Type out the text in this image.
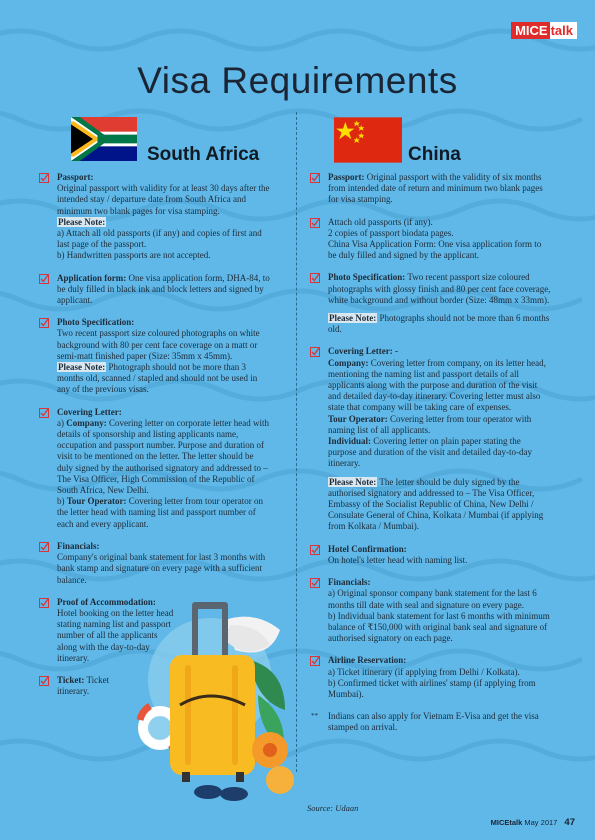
MICE talk
Visa Requirements
South Africa	China
Passport:
Original passport with validity for at least 30 days after the intended stay / departure date from South Africa and minimum two blank pages for visa stamping.
Please Note:
a) Attach all old passports (if any) and copies of first and last page of the passport.
b) Handwritten passports are not accepted.
Application form: One visa application form, DHA-84, to be duly filled in black ink and block letters and signed by applicant.
Photo Specification:
Two recent passport size coloured photographs on white background with 80 per cent face coverage on a matt or semi-matt finished paper (Size: 35mm x 45mm).
Please Note: Photograph should not be more than 3 months old, scanned / stapled and should not be used in any of the previous visas.
Covering Letter:
a) Company: Covering letter on corporate letter head with details of sponsorship and listing applicants name, occupation and passport number. Purpose and duration of visit to be mentioned on the letter. The letter should be duly signed by the authorised signatory and addressed to – The Visa Officer, High Commission of the Republic of South Africa, New Delhi.
b) Tour Operator: Covering letter from tour operator on the letter head with naming list and passport number of each and every applicant.
Financials:
Company's original bank statement for last 3 months with bank stamp and signature on every page with a sufficient balance.
Proof of Accommodation:
Hotel booking on the letter head stating naming list and passport number of all the applicants along with the day-to-day itinerary.
Ticket: Ticket itinerary.
Passport: Original passport with the validity of six months from intended date of return and minimum two blank pages for visa stamping.
Attach old passports (if any).
2 copies of passport biodata pages.
China Visa Application Form: One visa application form to be duly filled and signed by the applicant.
Photo Specification: Two recent passport size coloured photographs with glossy finish and 80 per cent face coverage, white background and without border (Size: 48mm x 33mm).
Please Note: Photographs should not be more than 6 months old.
Covering Letter: -
Company: Covering letter from company, on its letter head, mentioning the naming list and passport details of all applicants along with the purpose and duration of the visit and detailed day-to-day itinerary. Covering letter must also state that company will be taking care of expenses.
Tour Operator: Covering letter from tour operator with naming list of all applicants.
Individual: Covering letter on plain paper stating the purpose and duration of the visit and detailed day-to-day itinerary.
Please Note: The letter should be duly signed by the authorised signatory and addressed to – The Visa Officer, Embassy of the Socialist Republic of China, New Delhi / Consulate General of China, Kolkata / Mumbai (if applying from Kolkata / Mumbai).
Hotel Confirmation:
On hotel's letter head with naming list.
Financials:
a) Original sponsor company bank statement for the last 6 months till date with seal and signature on every page.
b) Individual bank statement for last 6 months with minimum balance of ₹150,000 with original bank seal and signature of authorised signatory on each page.
Airline Reservation:
a) Ticket itinerary (if applying from Delhi / Kolkata).
b) Confirmed ticket with airlines' stamp (if applying from Mumbai).
** Indians can also apply for Vietnam E-Visa and get the visa stamped on arrival.
Source: Udaan
MICEtalk May 2017 47
